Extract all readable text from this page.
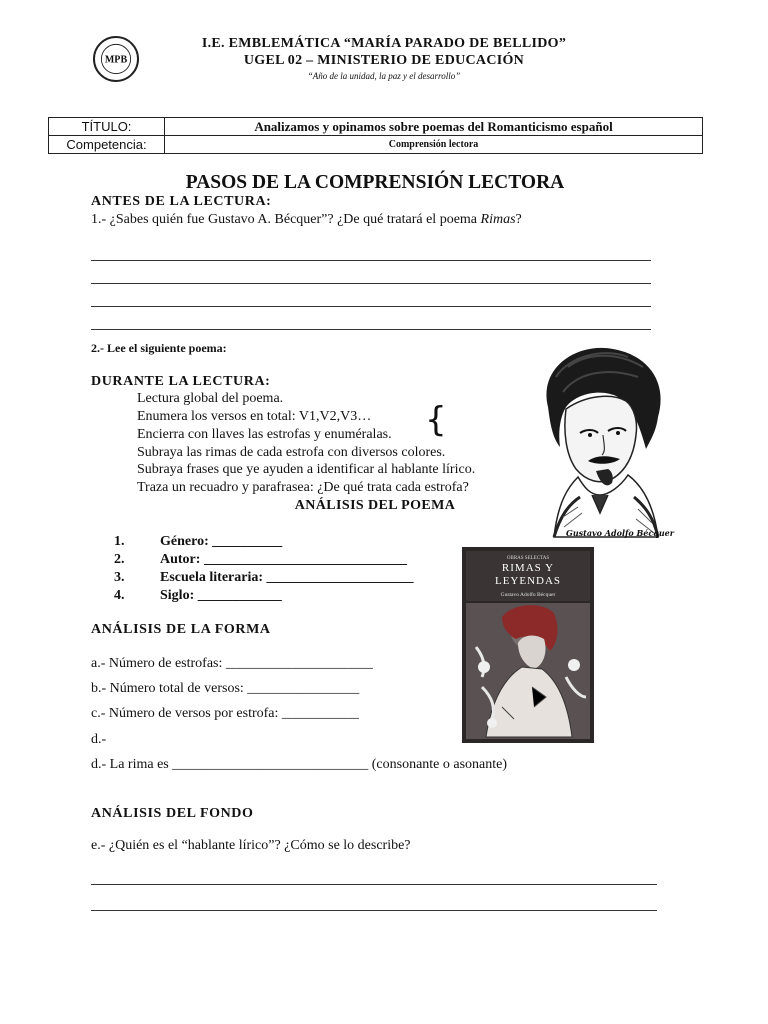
MPB
I.E. EMBLEMÁTICA “MARÍA PARADO DE BELLIDO”
UGEL 02 – MINISTERIO DE EDUCACIÓN
“Año de la unidad, la paz y el desarrollo”
TÍTULO:	Analizamos y opinamos sobre poemas del Romanticismo español
Competencia:	Comprensión lectora
PASOS DE LA COMPRENSIÓN LECTORA
ANTES DE LA LECTURA:
1.- ¿Sabes quién fue Gustavo A. Bécquer”? ¿De qué tratará el poema Rimas?
2.- Lee el siguiente poema:
DURANTE LA LECTURA:
Lectura global del poema.
Enumera los versos en total: V1,V2,V3…
Encierra con llaves las estrofas y enuméralas.
Subraya las rimas de cada estrofa con diversos colores.
Subraya frases que ye ayuden a identificar al hablante lírico.
Traza un recuadro y parafrasea: ¿De qué trata cada estrofa?
{
Gustavo Adolfo Bécquer
ANÁLISIS DEL POEMA
1.	Género: __________
2.	Autor: _____________________________
3.	Escuela literaria: _____________________
4.	Siglo: ____________
OBRAS SELECTAS
RIMAS Y
LEYENDAS
Gustavo Adolfo Bécquer
ANÁLISIS DE LA FORMA
a.- Número de estrofas: _____________________
b.- Número total de versos: ________________
c.- Número de versos por estrofa: ___________
d.-
d.- La rima es ____________________________ (consonante o asonante)
ANÁLISIS DEL FONDO
e.- ¿Quién es el “hablante lírico”? ¿Cómo se lo describe?
